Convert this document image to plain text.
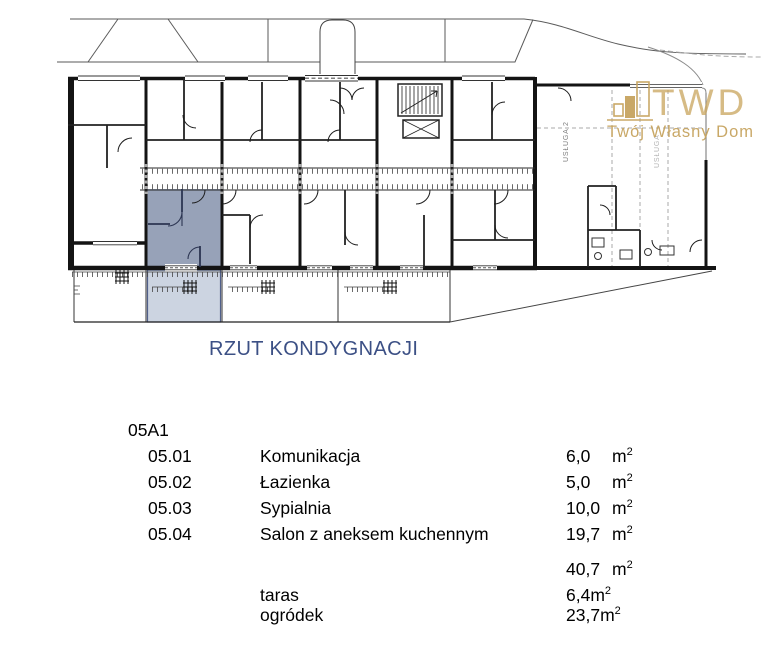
USŁUGA 2	USŁUGA
TWD
Twój Własny Dom
RZUT KONDYGNACJI
05A1
05.01	Komunikacja	6,0	$m^2$
05.02	Łazienka	5,0	$m^2$
05.03	Sypialnia	10,0 $m^2$
05.04	Salon z aneksem kuchennym	19,7 $m^2$
40,7 $m^2$
taras	$6,4m^2$
ogródek	$23,7m^2$
